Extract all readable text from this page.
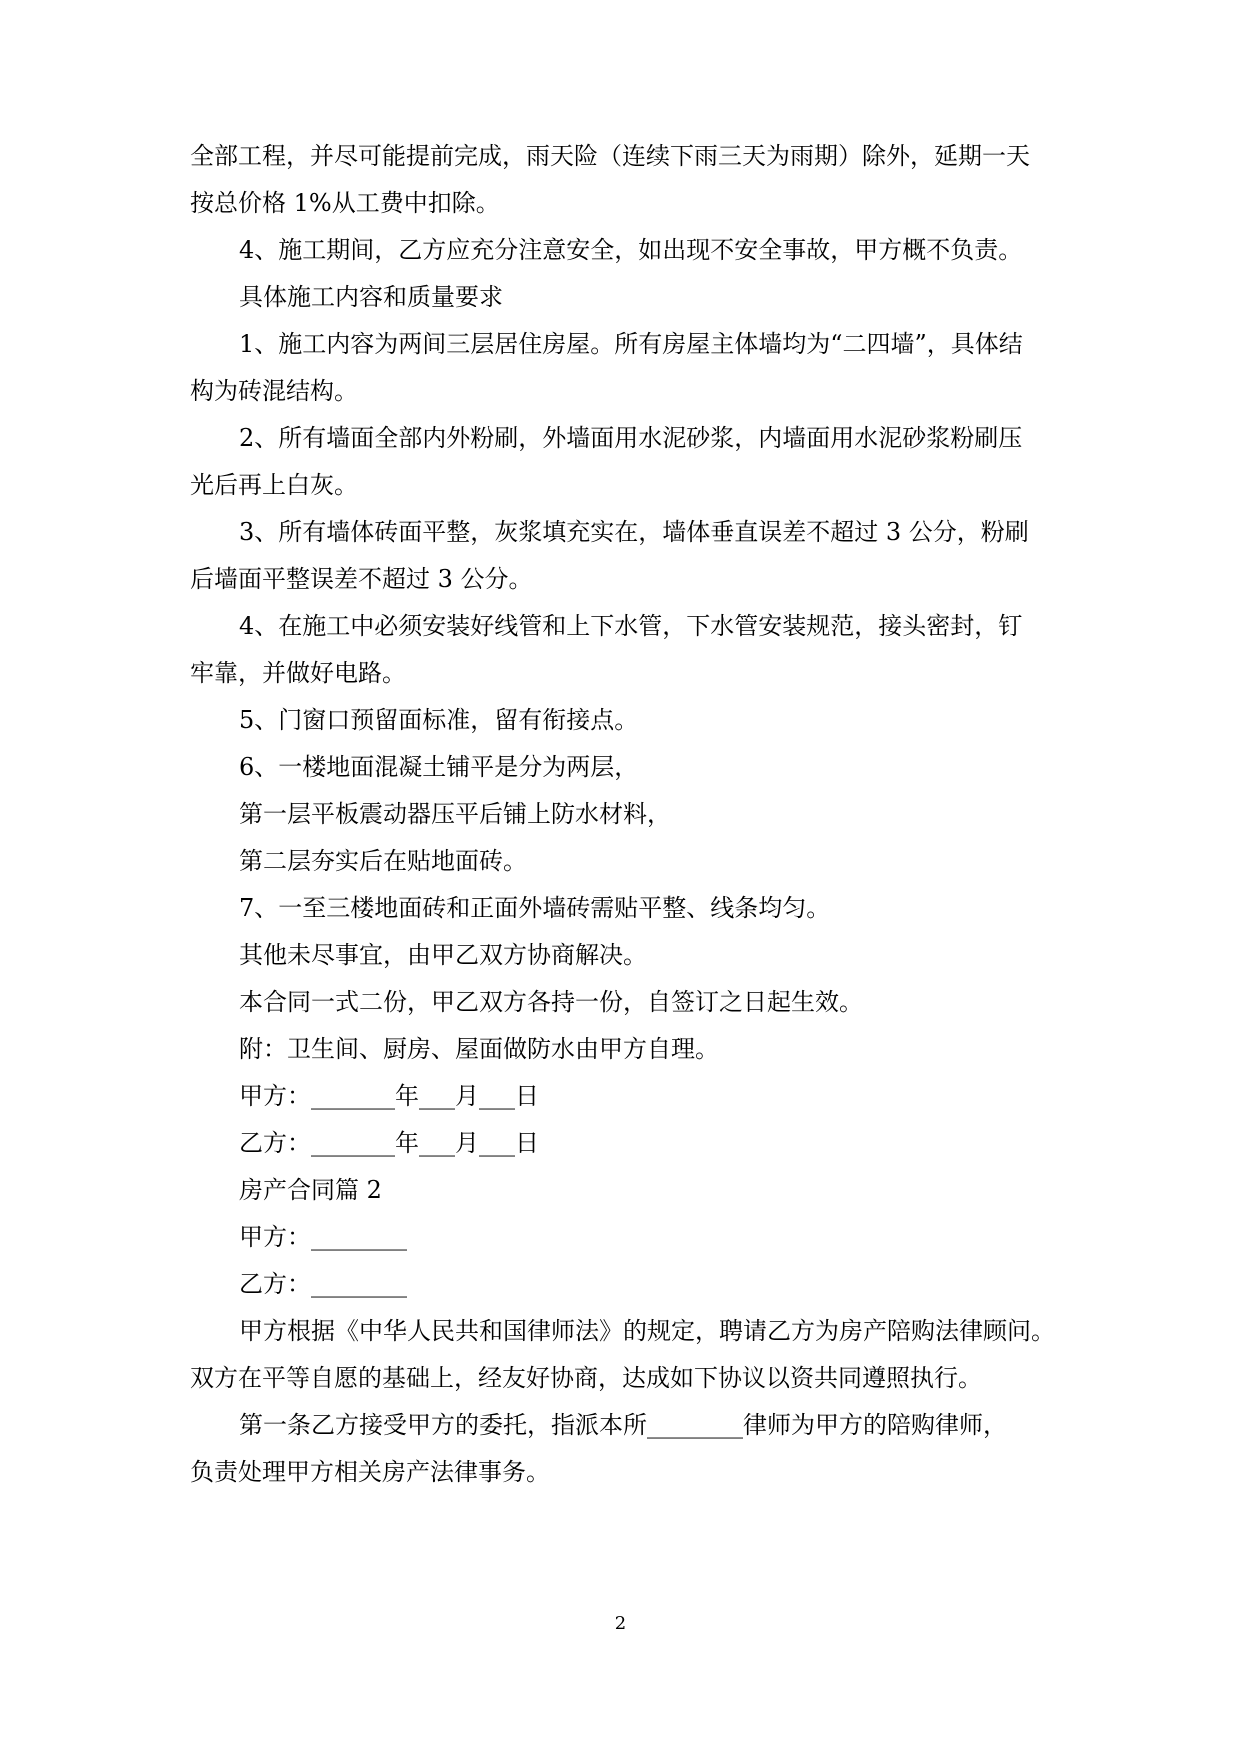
全部工程，并尽可能提前完成，雨天险（连续下雨三天为雨期）除外，延期一天
按总价格 1%从工费中扣除。
4、施工期间，乙方应充分注意安全，如出现不安全事故，甲方概不负责。
具体施工内容和质量要求
1、施工内容为两间三层居住房屋。所有房屋主体墙均为“二四墙”，具体结
构为砖混结构。
2、所有墙面全部内外粉刷，外墙面用水泥砂浆，内墙面用水泥砂浆粉刷压
光后再上白灰。
3、所有墙体砖面平整，灰浆填充实在，墙体垂直误差不超过 3 公分，粉刷
后墙面平整误差不超过 3 公分。
4、在施工中必须安装好线管和上下水管，下水管安装规范，接头密封，钉
牢靠，并做好电路。
5、门窗口预留面标准，留有衔接点。
6、一楼地面混凝土铺平是分为两层，
第一层平板震动器压平后铺上防水材料，
第二层夯实后在贴地面砖。
7、一至三楼地面砖和正面外墙砖需贴平整、线条均匀。
其他未尽事宜，由甲乙双方协商解决。
本合同一式二份，甲乙双方各持一份，自签订之日起生效。
附：卫生间、厨房、屋面做防水由甲方自理。
甲方：_______年___月___日
乙方：_______年___月___日
房产合同篇 2
甲方：________
乙方：________
甲方根据《中华人民共和国律师法》的规定，聘请乙方为房产陪购法律顾问。
双方在平等自愿的基础上，经友好协商，达成如下协议以资共同遵照执行。
第一条乙方接受甲方的委托，指派本所________律师为甲方的陪购律师，
负责处理甲方相关房产法律事务。
2
